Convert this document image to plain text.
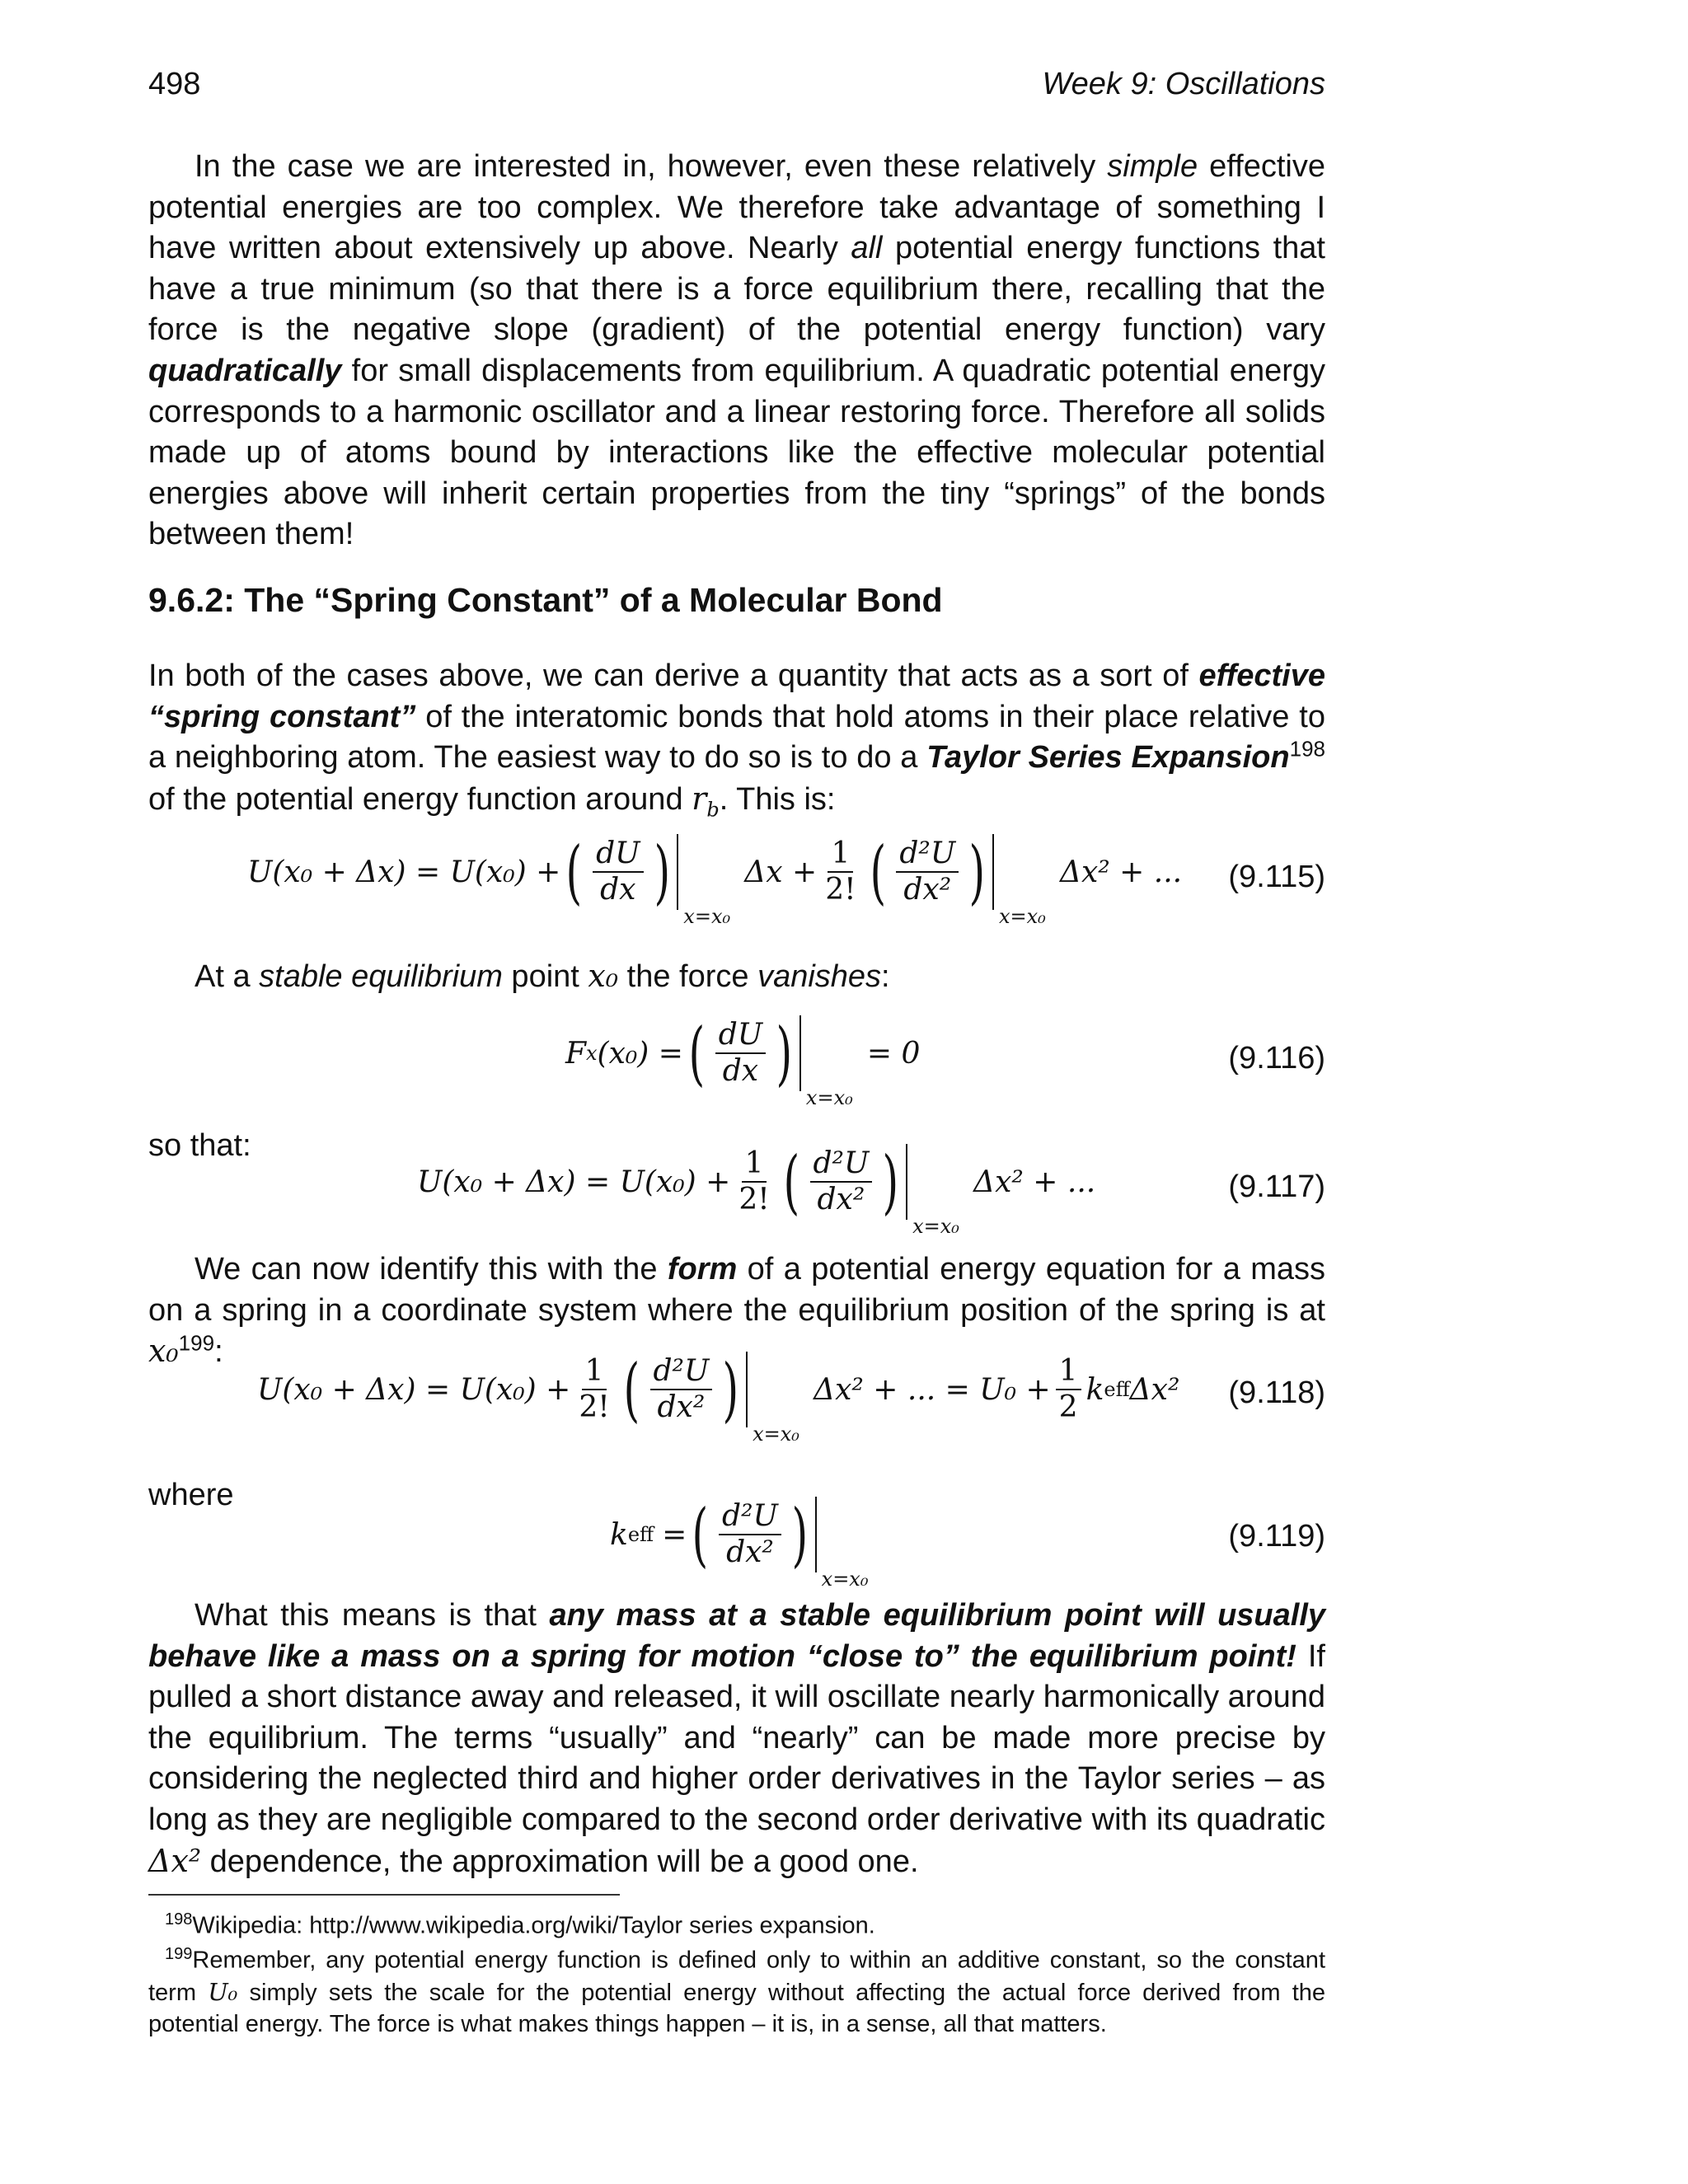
498	Week 9: Oscillations

In the case we are interested in, however, even these relatively simple effective potential energies are too complex. We therefore take advantage of something I have written about extensively up above. Nearly all potential energy functions that have a true minimum (so that there is a force equilibrium there, recalling that the force is the negative slope (gradient) of the potential energy function) vary quadratically for small displacements from equilibrium. A quadratic potential energy corresponds to a harmonic oscillator and a linear restoring force. Therefore all solids made up of atoms bound by interactions like the effective molecular potential energies above will inherit certain properties from the tiny “springs” of the bonds between them!

9.6.2: The “Spring Constant” of a Molecular Bond

In both of the cases above, we can derive a quantity that acts as a sort of effective “spring constant” of the interatomic bonds that hold atoms in their place relative to a neighboring atom. The easiest way to do so is to do a Taylor Series Expansion$^{198}$ of the potential energy function around $r_b$. This is:

U(x₀ + Δx) = U(x₀) + ( $\frac{dU}{dx}$ )
x=x₀
$\Delta x + \frac{1}{2!}$ ( $\frac{\text{d²U}}{\text{dx²}}$ )
x=x₀
Δx² + ... (9.115)

At a stable equilibrium point x₀ the force vanishes:

F x (x₀) = ( $\frac{dU}{dx}$ )
x=x₀
= 0	(9.116)

so that:

$U(x_0 + \Delta x) = U(x_0) + \frac{1}{2!}$ ( $\frac{\text{d²U}}{\text{dx²}}$ )
x=x₀
Δx² + ...	(9.117)

We can now identify this with the form of a potential energy equation for a mass on a spring in a coordinate system where the equilibrium position of the spring is at x₀$^{199}$:

$U(x_0 + \Delta x) = U(x_0) + \frac{1}{2!}$ ( $\frac{\text{d²U}}{\text{dx²}}$ )
x=x₀
Δx² + ... = $U_0 + \frac{1}{2}$ k eff Δx² (9.118)

where

k eff = ( $\frac{\text{d²U}}{\text{dx²}}$ )
x=x₀
(9.119)

What this means is that any mass at a stable equilibrium point will usually behave like a mass on a spring for motion “close to” the equilibrium point! If pulled a short distance away and released, it will oscillate nearly harmonically around the equilibrium. The terms “usually” and “nearly” can be made more precise by considering the neglected third and higher order derivatives in the Taylor series – as long as they are negligible compared to the second order derivative with its quadratic Δx² dependence, the approximation will be a good one.

$^{198}$Wikipedia: http://www.wikipedia.org/wiki/Taylor series expansion.

$^{199}$Remember, any potential energy function is defined only to within an additive constant, so the constant term U₀ simply sets the scale for the potential energy without affecting the actual force derived from the potential energy. The force is what makes things happen – it is, in a sense, all that matters.
